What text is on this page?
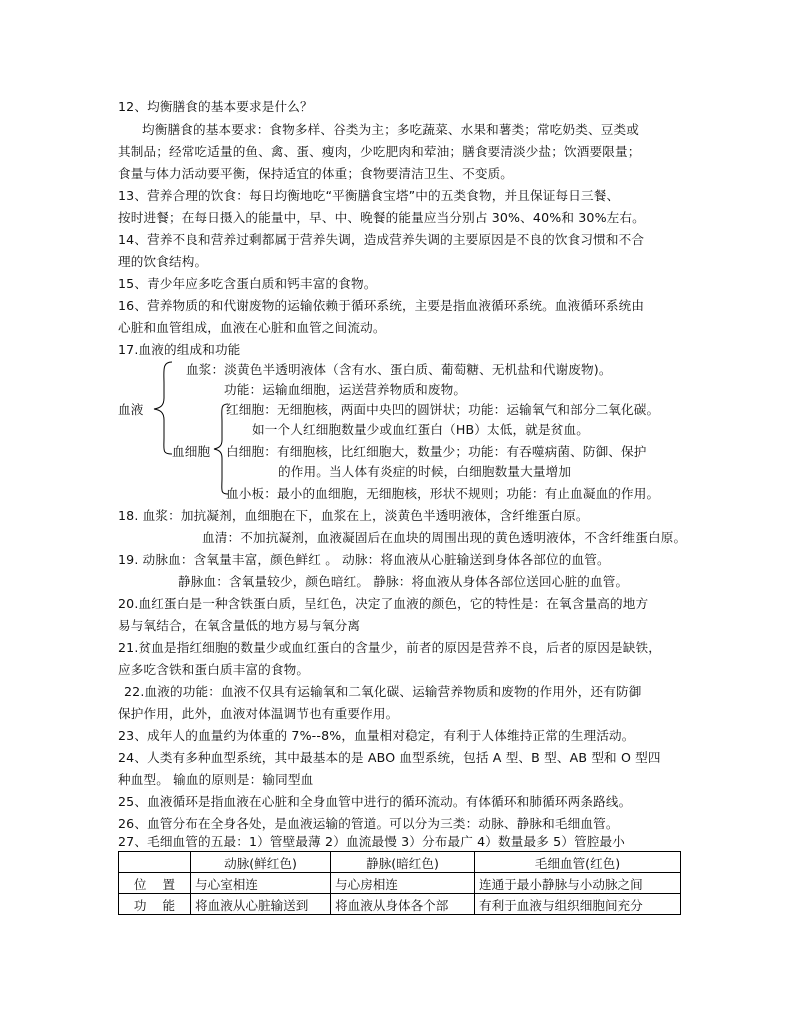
12、均衡膳食的基本要求是什么？
均衡膳食的基本要求：食物多样、谷类为主；多吃蔬菜、水果和薯类；常吃奶类、豆类或
其制品；经常吃适量的鱼、禽、蛋、瘦肉，少吃肥肉和荤油；膳食要清淡少盐；饮酒要限量；
食量与体力活动要平衡，保持适宜的体重；食物要清洁卫生、不变质。
13、营养合理的饮食：每日均衡地吃“平衡膳食宝塔”中的五类食物，并且保证每日三餐、
按时进餐；在每日摄入的能量中，早、中、晚餐的能量应当分别占 30%、40%和 30%左右。
14、营养不良和营养过剩都属于营养失调，造成营养失调的主要原因是不良的饮食习惯和不合
理的饮食结构。
15、青少年应多吃含蛋白质和钙丰富的食物。
16、营养物质的和代谢废物的运输依赖于循环系统，主要是指血液循环系统。血液循环系统由
心脏和血管组成，血液在心脏和血管之间流动。
17.血液的组成和功能
血浆：淡黄色半透明液体（含有水、蛋白质、葡萄糖、无机盐和代谢废物)。
功能：运输血细胞，运送营养物质和废物。
血液	红细胞：无细胞核，两面中央凹的圆饼状；功能：运输氧气和部分二氧化碳。
如一个人红细胞数量少或血红蛋白（HB）太低，就是贫血。
血细胞 白细胞：有细胞核，比红细胞大，数量少；功能：有吞噬病菌、防御、保护
的作用。当人体有炎症的时候，白细胞数量大量增加
血小板：最小的血细胞，无细胞核，形状不规则；功能：有止血凝血的作用。
18. 血浆：加抗凝剂，血细胞在下，血浆在上，淡黄色半透明液体，含纤维蛋白原。
血清：不加抗凝剂，血液凝固后在血块的周围出现的黄色透明液体，不含纤维蛋白原。
19. 动脉血：含氧量丰富，颜色鲜红 。 动脉：将血液从心脏输送到身体各部位的血管。
静脉血：含氧量较少，颜色暗红。 静脉：将血液从身体各部位送回心脏的血管。
20.血红蛋白是一种含铁蛋白质，呈红色，决定了血液的颜色，它的特性是：在氧含量高的地方
易与氧结合，在氧含量低的地方易与氧分离
21.贫血是指红细胞的数量少或血红蛋白的含量少，前者的原因是营养不良，后者的原因是缺铁，
应多吃含铁和蛋白质丰富的食物。
22.血液的功能：血液不仅具有运输氧和二氧化碳、运输营养物质和废物的作用外，还有防御
保护作用，此外，血液对体温调节也有重要作用。
23、成年人的血量约为体重的 7%--8%，血量相对稳定，有利于人体维持正常的生理活动。
24、人类有多种血型系统，其中最基本的是 ABO 血型系统，包括 A 型、B 型、AB 型和 O 型四
种血型。 输血的原则是：输同型血
25、血液循环是指血液在心脏和全身血管中进行的循环流动。有体循环和肺循环两条路线。
26、血管分布在全身各处，是血液运输的管道。可以分为三类：动脉、静脉和毛细血管。
27、毛细血管的五最：1）管壁最薄 2）血流最慢 3）分布最广 4）数量最多 5）管腔最小
	动脉(鲜红色)	静脉(暗红色)	毛细血管(红色)
位    置	与心室相连	与心房相连	连通于最小静脉与小动脉之间
功    能	将血液从心脏输送到	将血液从身体各个部	有利于血液与组织细胞间充分
